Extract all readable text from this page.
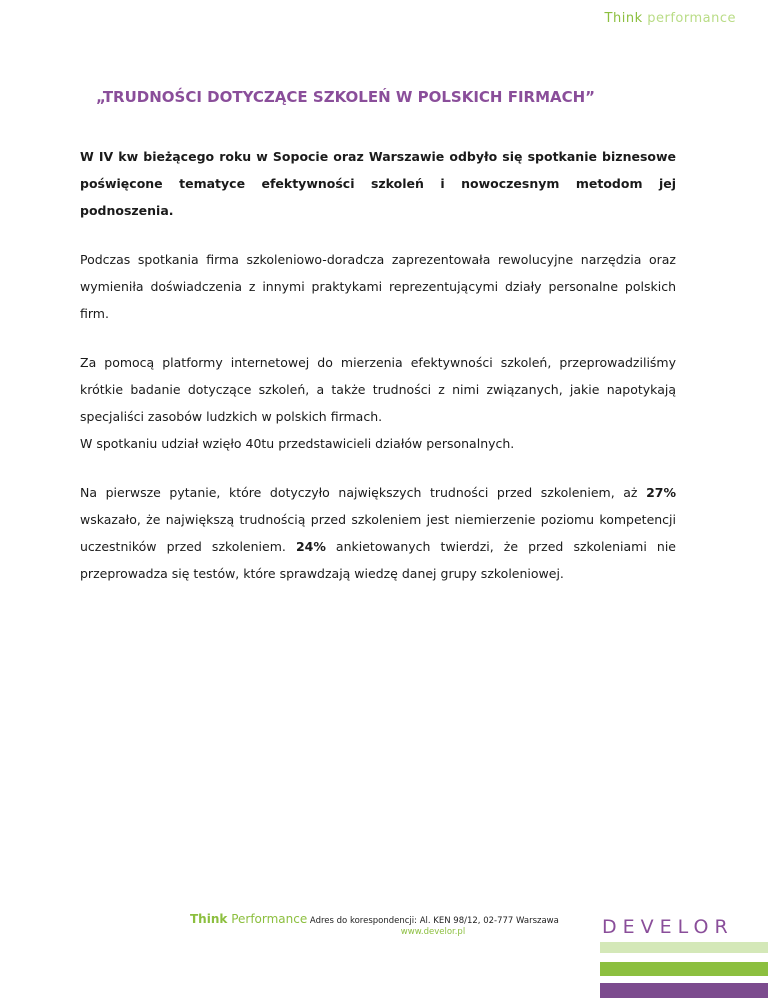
Think performance
„TRUDNOŚCI DOTYCZĄCE SZKOLEŃ W POLSKICH FIRMACH”

W IV kw bieżącego roku w Sopocie oraz Warszawie odbyło się spotkanie biznesowe poświęcone tematyce efektywności szkoleń i nowoczesnym metodom jej podnoszenia.

Podczas spotkania firma szkoleniowo-doradcza zaprezentowała rewolucyjne narzędzia oraz wymieniła doświadczenia z innymi praktykami reprezentującymi działy personalne polskich firm.

Za pomocą platformy internetowej do mierzenia efektywności szkoleń, przeprowadziliśmy krótkie badanie dotyczące szkoleń, a także trudności z nimi związanych, jakie napotykają specjaliści zasobów ludzkich w polskich firmach.

W spotkaniu udział wzięło 40tu przedstawicieli działów personalnych.

Na pierwsze pytanie, które dotyczyło największych trudności przed szkoleniem, aż 27% wskazało, że największą trudnością przed szkoleniem jest niemierzenie poziomu kompetencji uczestników przed szkoleniem. 24% ankietowanych twierdzi, że przed szkoleniami nie przeprowadza się testów, które sprawdzają wiedzę danej grupy szkoleniowej.

Think Performance Adres do korespondencji: Al. KEN 98/12, 02-777 Warszawa
www.develor.pl	DEVELOR
